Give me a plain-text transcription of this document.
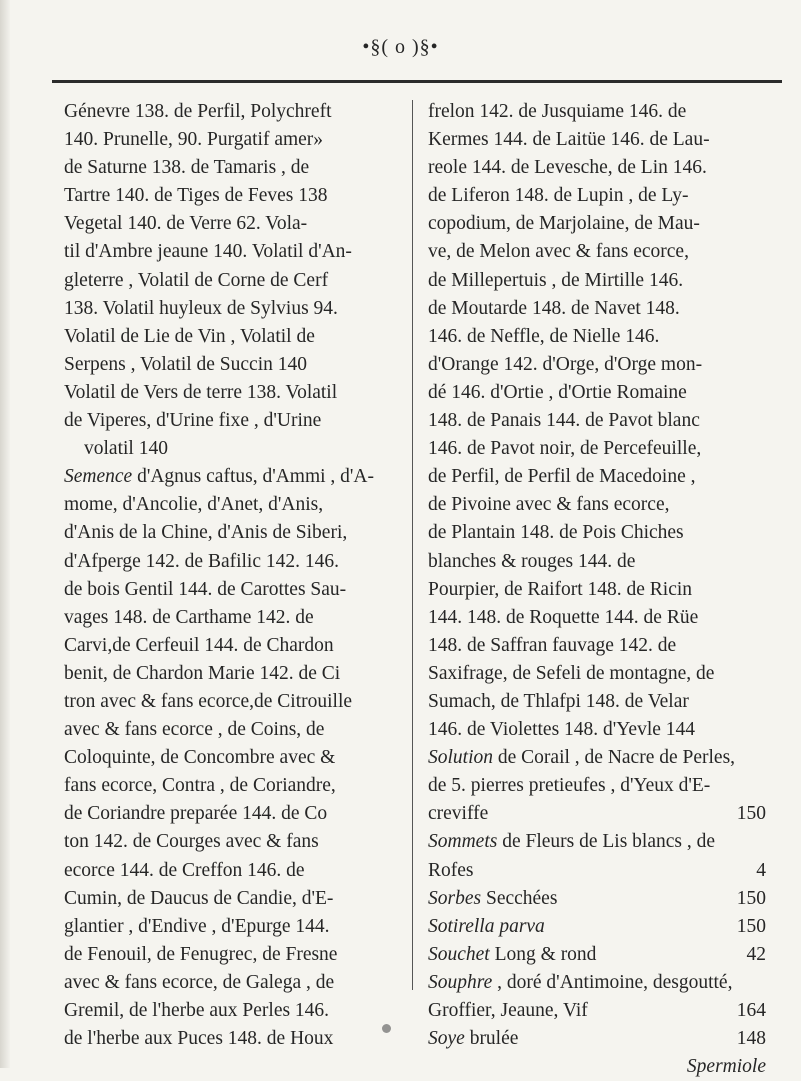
•§( o )§•
Génevre 138. de Perfil, Polychreft
140. Prunelle, 90. Purgatif amer»
de Saturne 138. de Tamaris , de
Tartre 140. de Tiges de Feves 138
Vegetal 140. de Verre 62. Vola-
til d'Ambre jeaune 140. Volatil d'An-
gleterre , Volatil de Corne de Cerf
138. Volatil huyleux de Sylvius 94.
Volatil de Lie de Vin , Volatil de
Serpens , Volatil de Succin 140
Volatil de Vers de terre 138. Volatil
de Viperes, d'Urine fixe , d'Urine
volatil 140
Semence d'Agnus caftus, d'Ammi , d'A-
mome, d'Ancolie, d'Anet, d'Anis,
d'Anis de la Chine, d'Anis de Siberi,
d'Afperge 142. de Bafilic 142. 146.
de bois Gentil 144. de Carottes Sau-
vages 148. de Carthame 142. de
Carvi,de Cerfeuil 144. de Chardon
benit, de Chardon Marie 142. de Ci
tron avec & fans ecorce,de Citrouille
avec & fans ecorce , de Coins, de
Coloquinte, de Concombre avec &
fans ecorce, Contra , de Coriandre,
de Coriandre preparée 144. de Co
ton 142. de Courges avec & fans
ecorce 144. de Creffon 146. de
Cumin, de Daucus de Candie, d'E-
glantier , d'Endive , d'Epurge 144.
de Fenouil, de Fenugrec, de Fresne
avec & fans ecorce, de Galega , de
Gremil, de l'herbe aux Perles 146.
de l'herbe aux Puces 148. de Houx
frelon 142. de Jusquiame 146. de
Kermes 144. de Laitüe 146. de Lau-
reole 144. de Levesche, de Lin 146.
de Liferon 148. de Lupin , de Ly-
copodium, de Marjolaine, de Mau-
ve, de Melon avec & fans ecorce,
de Millepertuis , de Mirtille 146.
de Moutarde 148. de Navet 148.
146. de Neffle, de Nielle 146.
d'Orange 142. d'Orge, d'Orge mon-
dé 146. d'Ortie , d'Ortie Romaine
148. de Panais 144. de Pavot blanc
146. de Pavot noir, de Percefeuille,
de Perfil, de Perfil de Macedoine ,
de Pivoine avec & fans ecorce,
de Plantain 148. de Pois Chiches
blanches & rouges 144. de
Pourpier, de Raifort 148. de Ricin
144. 148. de Roquette 144. de Rüe
148. de Saffran fauvage 142. de
Saxifrage, de Sefeli de montagne, de
Sumach, de Thlafpi 148. de Velar
146. de Violettes 148. d'Yevle 144
Solution de Corail , de Nacre de Perles,
de 5. pierres pretieufes , d'Yeux d'E-
creviffe	150
Sommets de Fleurs de Lis blancs , de
Rofes	4
Sorbes Secchées	150
Sotirella parva	150
Souchet Long & rond	42
Souphre , doré d'Antimoine, desgoutté,
Groffier, Jeaune, Vif	164
Soye brulée	148
Spermiole
